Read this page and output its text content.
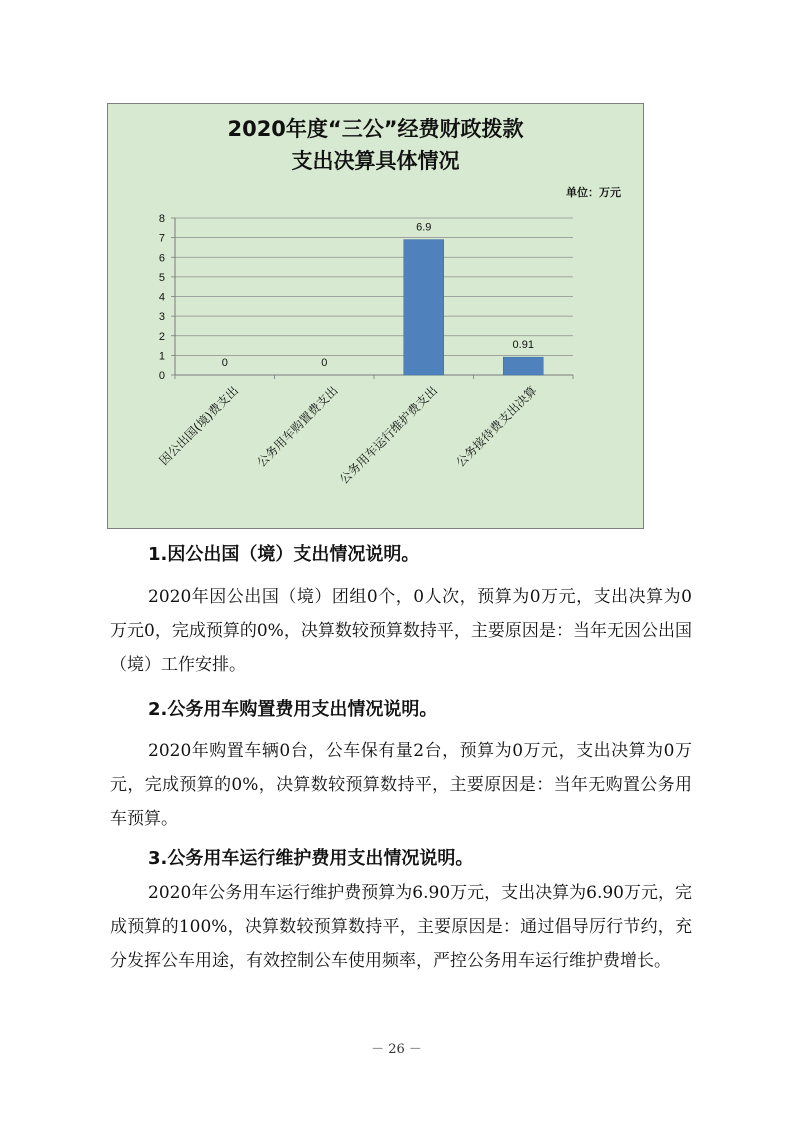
2020年度“三公”经费财政拨款
支出决算具体情况
单位：万元
0
1
2
3
4
5
6
7
8
0
因公出国(境)费支出
0
公务用车购置费支出
6.9
公务用车运行维护费支出
0.91
公务接待费支出决算
1.因公出国（境）支出情况说明。

2020年因公出国（境）团组0个，0人次，预算为0万元，支出决算为0万元0，完成预算的0%，决算数较预算数持平，主要原因是：当年无因公出国（境）工作安排。

2.公务用车购置费用支出情况说明。

2020年购置车辆0台，公车保有量2台，预算为0万元，支出决算为0万元，完成预算的0%，决算数较预算数持平，主要原因是：当年无购置公务用车预算。

3.公务用车运行维护费用支出情况说明。

2020年公务用车运行维护费预算为6.90万元，支出决算为6.90万元，完成预算的100%，决算数较预算数持平，主要原因是：通过倡导厉行节约，充分发挥公车用途，有效控制公车使用频率，严控公务用车运行维护费增长。

－ 26 －
